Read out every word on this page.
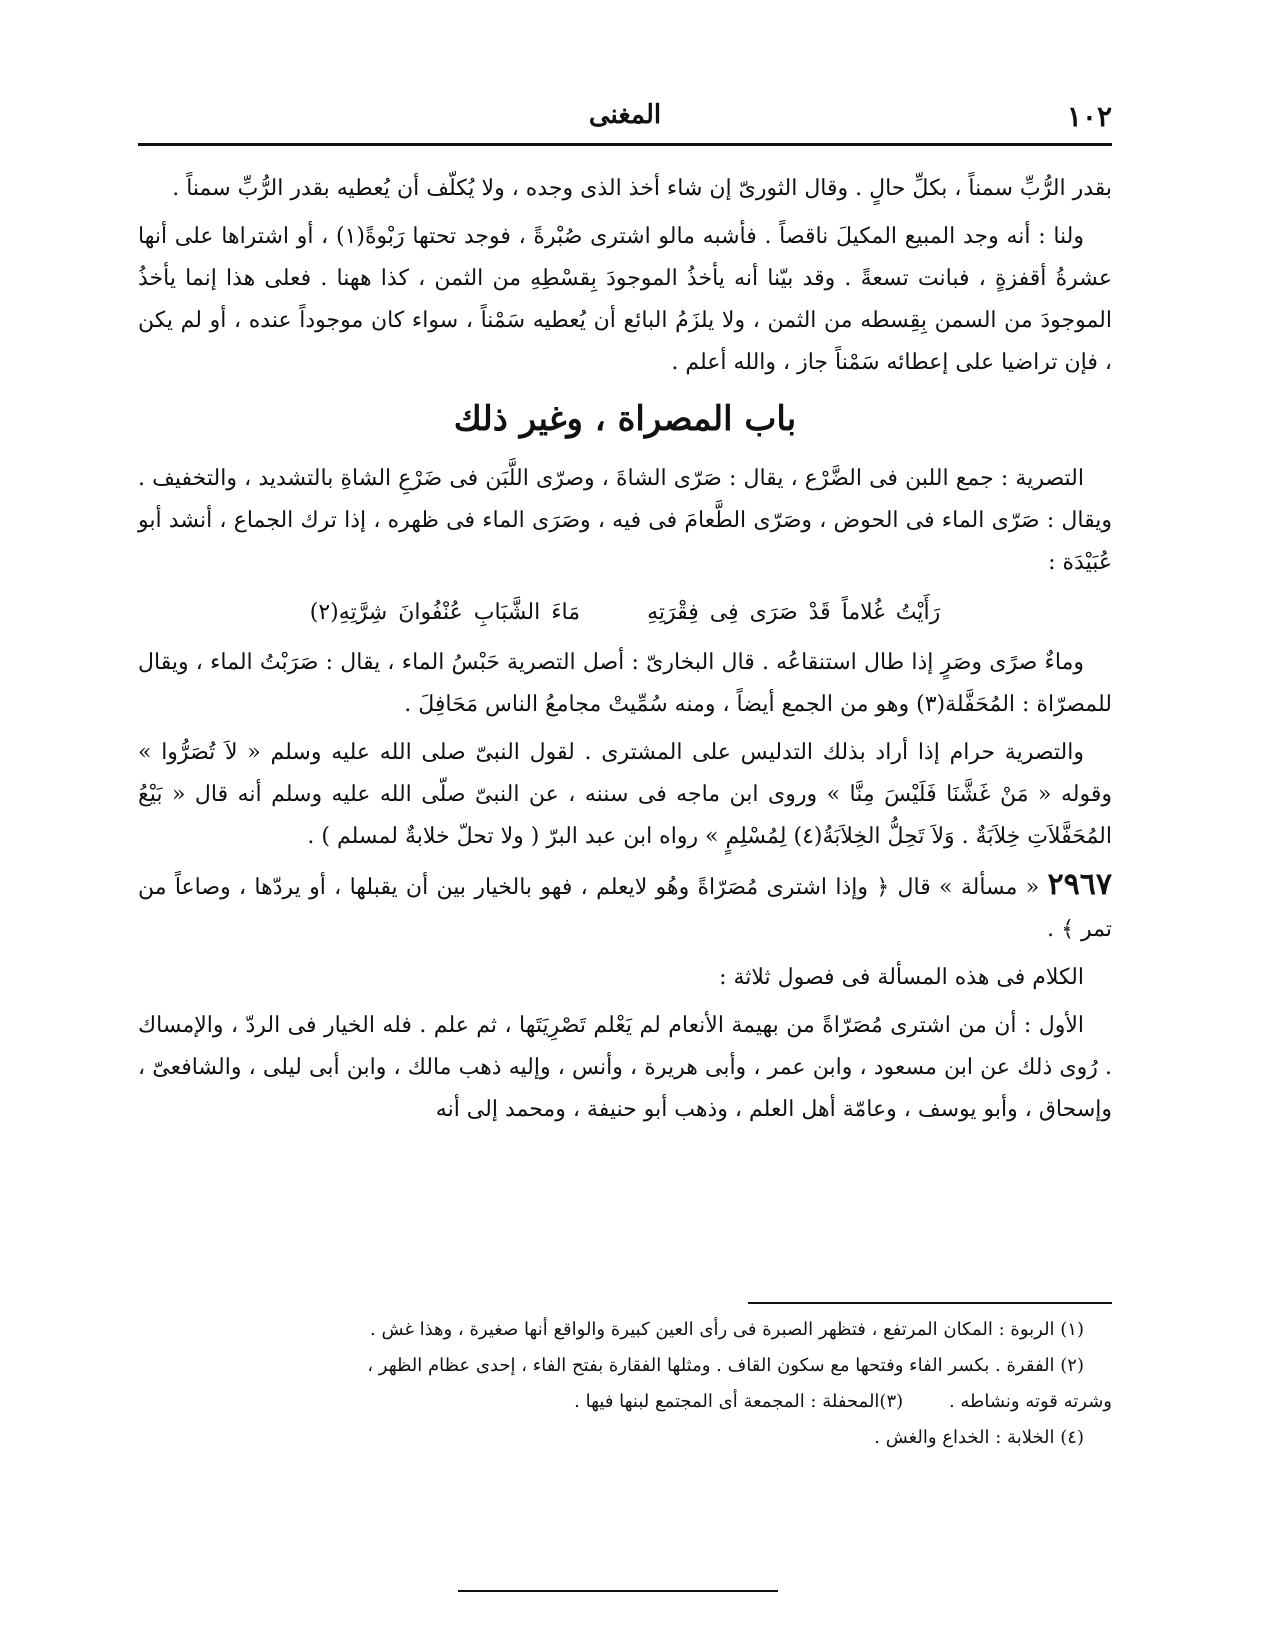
١٠٢
المغنى

بقدر الرُّبِّ سمناً ، بكلِّ حالٍ . وقال الثورىّ إن شاء أخذ الذى وجده ، ولا يُكلّف أن يُعطيه بقدر الرُّبِّ سمناً .

ولنا : أنه وجد المبيع المكيلَ ناقصاً . فأشبه مالو اشترى صُبْرةً ، فوجد تحتها رَبْوةً(١) ، أو اشتراها على أنها عشرةُ أقفزةٍ ، فبانت تسعةً . وقد بيّنا أنه يأخذُ الموجودَ بِقسْطِهِ من الثمن ، كذا ههنا . فعلى هذا إنما يأخذُ الموجودَ من السمن بِقِسطه من الثمن ، ولا يلزَمُ البائع أن يُعطيه سَمْناً ، سواء كان موجوداً عنده ، أو لم يكن ، فإن تراضيا على إعطائه سَمْناً جاز ، والله أعلم .

باب المصراة ، وغير ذلك

التصرية : جمع اللبن فى الضَّرْع ، يقال : صَرّى الشاةَ ، وصرّى اللَّبَن فى ضَرْعِ الشاةِ بالتشديد ، والتخفيف . ويقال : صَرّى الماء فى الحوض ، وصَرّى الطَّعامَ فى فيه ، وصَرَى الماء فى ظهره ، إذا ترك الجماع ، أنشد أبو عُبَيْدَة :

رَأَيْتُ غُلاماً قَدْ صَرَى فِى فِقْرَتِهِ مَاءَ الشَّبَابِ عُنْفُوانَ شِرَّتِهِ(٢)

وماءٌ صرًى وصَرٍ إذا طال استنقاعُه . قال البخارىّ : أصل التصرية حَبْسُ الماء ، يقال : صَرَبْتُ الماء ، ويقال للمصرّاة : المُحَفَّلة(٣) وهو من الجمع أيضاً ، ومنه سُمِّيتْ مجامعُ الناس مَحَافِلَ .

والتصرية حرام إذا أراد بذلك التدليس على المشترى . لقول النبىّ صلى الله عليه وسلم « لاَ تُصَرُّوا » وقوله « مَنْ غَشَّنَا فَلَيْسَ مِنَّا » وروى ابن ماجه فى سننه ، عن النبىّ صلّى الله عليه وسلم أنه قال « بَيْعُ المُحَفَّلاَتِ خِلاَبَةٌ . وَلاَ تَحِلُّ الخِلاَبَةُ(٤) لِمُسْلِمٍ » رواه ابن عبد البرّ ( ولا تحلّ خلابةٌ لمسلم ) .

٢٩٦٧ « مسألة » قال ﴿ وإذا اشترى مُصَرّاةً وهُو لايعلم ، فهو بالخيار بين أن يقبلها ، أو يردّها ، وصاعاً من تمر ﴾ .

الكلام فى هذه المسألة فى فصول ثلاثة :

الأول : أن من اشترى مُصَرّاةً من بهيمة الأنعام لم يَعْلم تَصْرِيَتَها ، ثم علم . فله الخيار فى الردّ ، والإمساك . رُوى ذلك عن ابن مسعود ، وابن عمر ، وأبى هريرة ، وأنس ، وإليه ذهب مالك ، وابن أبى ليلى ، والشافعىّ ، وإسحاق ، وأبو يوسف ، وعامّة أهل العلم ، وذهب أبو حنيفة ، ومحمد إلى أنه

(١) الربوة : المكان المرتفع ، فتظهر الصبرة فى رأى العين كبيرة والواقع أنها صغيرة ، وهذا غش .

(٢) الفقرة . بكسر الفاء وفتحها مع سكون القاف . ومثلها الفقارة بفتح الفاء ، إحدى عظام الظهر ،

وشرته قوته ونشاطه .        (٣)المحفلة : المجمعة أى المجتمع لبنها فيها .

(٤) الخلابة : الخداع والغش .
